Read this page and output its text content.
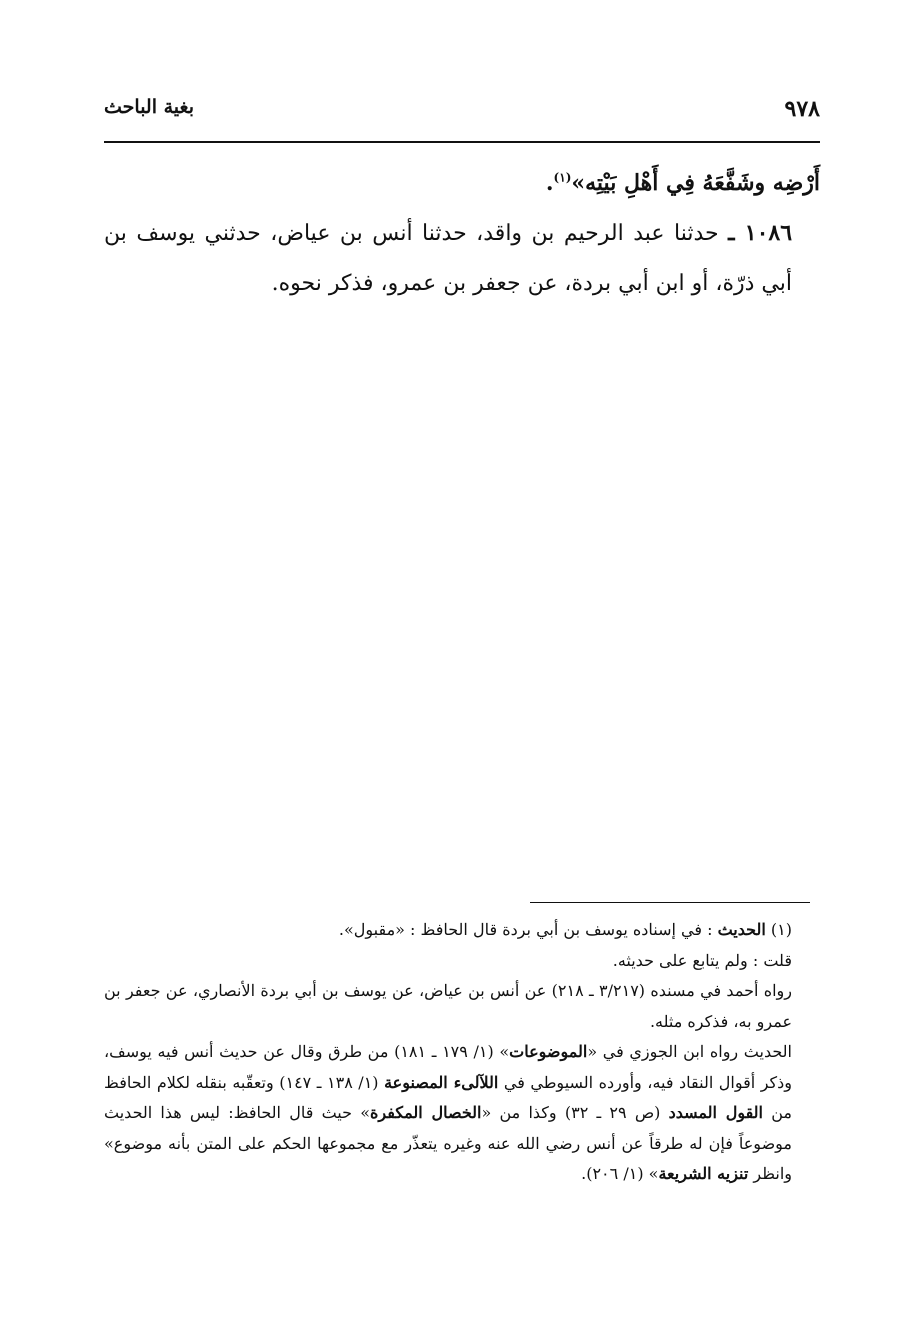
٩٧٨
بغية الباحث

أَرْضِه وشَفَّعَهُ فِي أَهْلِ بَيْتِه»$^{(١)}$.

١٠٨٦ ـ حدثنا عبد الرحيم بن واقد، حدثنا أنس بن عياض، حدثني يوسف بن أبي ذرّة، أو ابن أبي بردة، عن جعفر بن عمرو، فذكر نحوه.

(١) الحديث : في إسناده يوسف بن أبي بردة قال الحافظ : «مقبول».

قلت : ولم يتابع على حديثه.

رواه أحمد في مسنده (٣/٢١٧ ـ ٢١٨) عن أنس بن عياض، عن يوسف بن أبي بردة الأنصاري، عن جعفر بن عمرو به، فذكره مثله.

الحديث رواه ابن الجوزي في «الموضوعات» (١/ ١٧٩ ـ ١٨١) من طرق وقال عن حديث أنس فيه يوسف، وذكر أقوال النقاد فيه، وأورده السيوطي في اللآلىء المصنوعة (١/ ١٣٨ ـ ١٤٧) وتعقّبه بنقله لكلام الحافظ من القول المسدد (ص ٢٩ ـ ٣٢) وكذا من «الخصال المكفرة» حيث قال الحافظ: ليس هذا الحديث موضوعاً فإن له طرقاً عن أنس رضي الله عنه وغيره يتعذّر مع مجموعها الحكم على المتن بأنه موضوع» وانظر تنزيه الشريعة» (١/ ٢٠٦).
